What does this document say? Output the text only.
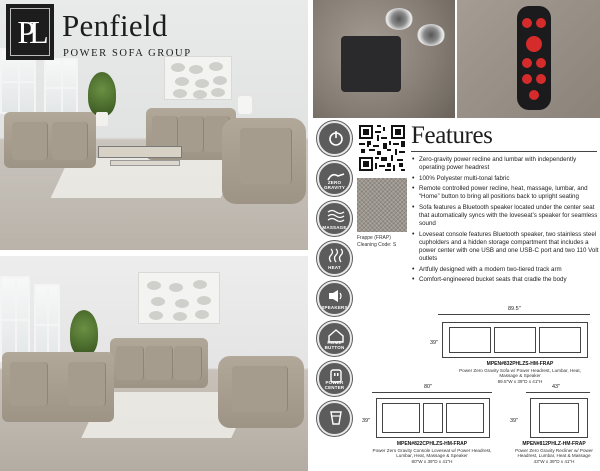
PL Penfield
POWER SOFA GROUP
ZERO GRAVITY
MASSAGE
HEAT
SPEAKERS
HOME BUTTON
POWER CENTER
Frappe (FRAP)
Cleaning Code: S
Features
• Zero-gravity power recline and lumbar with independently operating power headrest
• 100% Polyester multi-tonal fabric
• Remote controlled power recline, heat, massage, lumbar, and “Home” button to bring all positions back to upright seating
• Sofa features a Bluetooth speaker located under the center seat that automatically syncs with the loveseat’s speaker for seamless sound
• Loveseat console features Bluetooth speaker, two stainless steel cupholders and a hidden storage compartment that includes a power center with one USB and one USB-C port and two 110 Volt outlets
• Artfully designed with a modern two-tiered track arm
• Comfort-engineered bucket seats that cradle the body
89.5"
39"
MPEN#832PHLZS-HM-FRAP
Power Zero Gravity Sofa w/ Power Headrest, Lumbar, Heat, Massage & Speaker
89.5"W x 39"D x 41"H
80"
39"
MPEN#822CPHLZS-HM-FRAP
Power Zero Gravity Console Loveseat w/ Power Headrest, Lumbar, Heat, Massage & Speaker
80"W x 39"D x 41"H
43"
39"
MPEN#812PHLZ-HM-FRAP
Power Zero Gravity Recliner w/ Power Headrest, Lumbar, Heat & Massage
43"W x 39"D x 41"H
